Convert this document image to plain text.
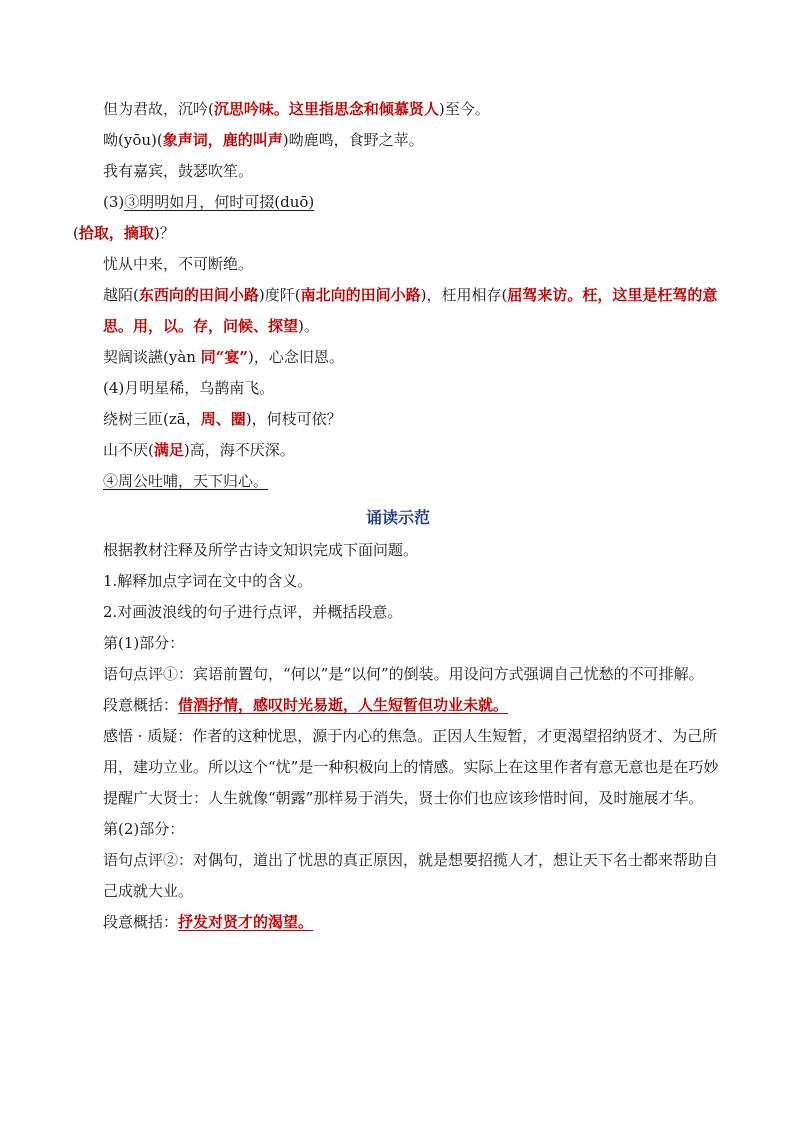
但为君故，沉吟(沉思吟味。这里指思念和倾慕贤人)至今。

呦(yōu)(象声词，鹿的叫声)呦鹿鸣，食野之苹。

我有嘉宾，鼓瑟吹笙。

(3)③明明如月，何时可掇(duō)

(拾取，摘取)？

忧从中来，不可断绝。

越陌(东西向的田间小路)度阡(南北向的田间小路)，枉用相存(屈驾来访。枉，这里是枉驾的意思。用，以。存，问候、探望)。

契阔谈讌(yàn 同“宴”)，心念旧恩。

(4)月明星稀，乌鹊南飞。

绕树三匝(zā，周、圈)，何枝可依？

山不厌(满足)高，海不厌深。

④周公吐哺，天下归心。

诵读示范

根据教材注释及所学古诗文知识完成下面问题。

1.解释加点字词在文中的含义。

2.对画波浪线的句子进行点评，并概括段意。

第(1)部分：

语句点评①：宾语前置句，“何以”是“以何”的倒装。用设问方式强调自己忧愁的不可排解。

段意概括：借酒抒情，感叹时光易逝，人生短暂但功业未就。

感悟 · 质疑：作者的这种忧思，源于内心的焦急。正因人生短暂，才更渴望招纳贤才、为己所用，建功立业。所以这个“忧”是一种积极向上的情感。实际上在这里作者有意无意也是在巧妙提醒广大贤士：人生就像“朝露”那样易于消失，贤士你们也应该珍惜时间，及时施展才华。

第(2)部分：

语句点评②：对偶句，道出了忧思的真正原因，就是想要招揽人才，想让天下名士都来帮助自己成就大业。

段意概括：抒发对贤才的渴望。
